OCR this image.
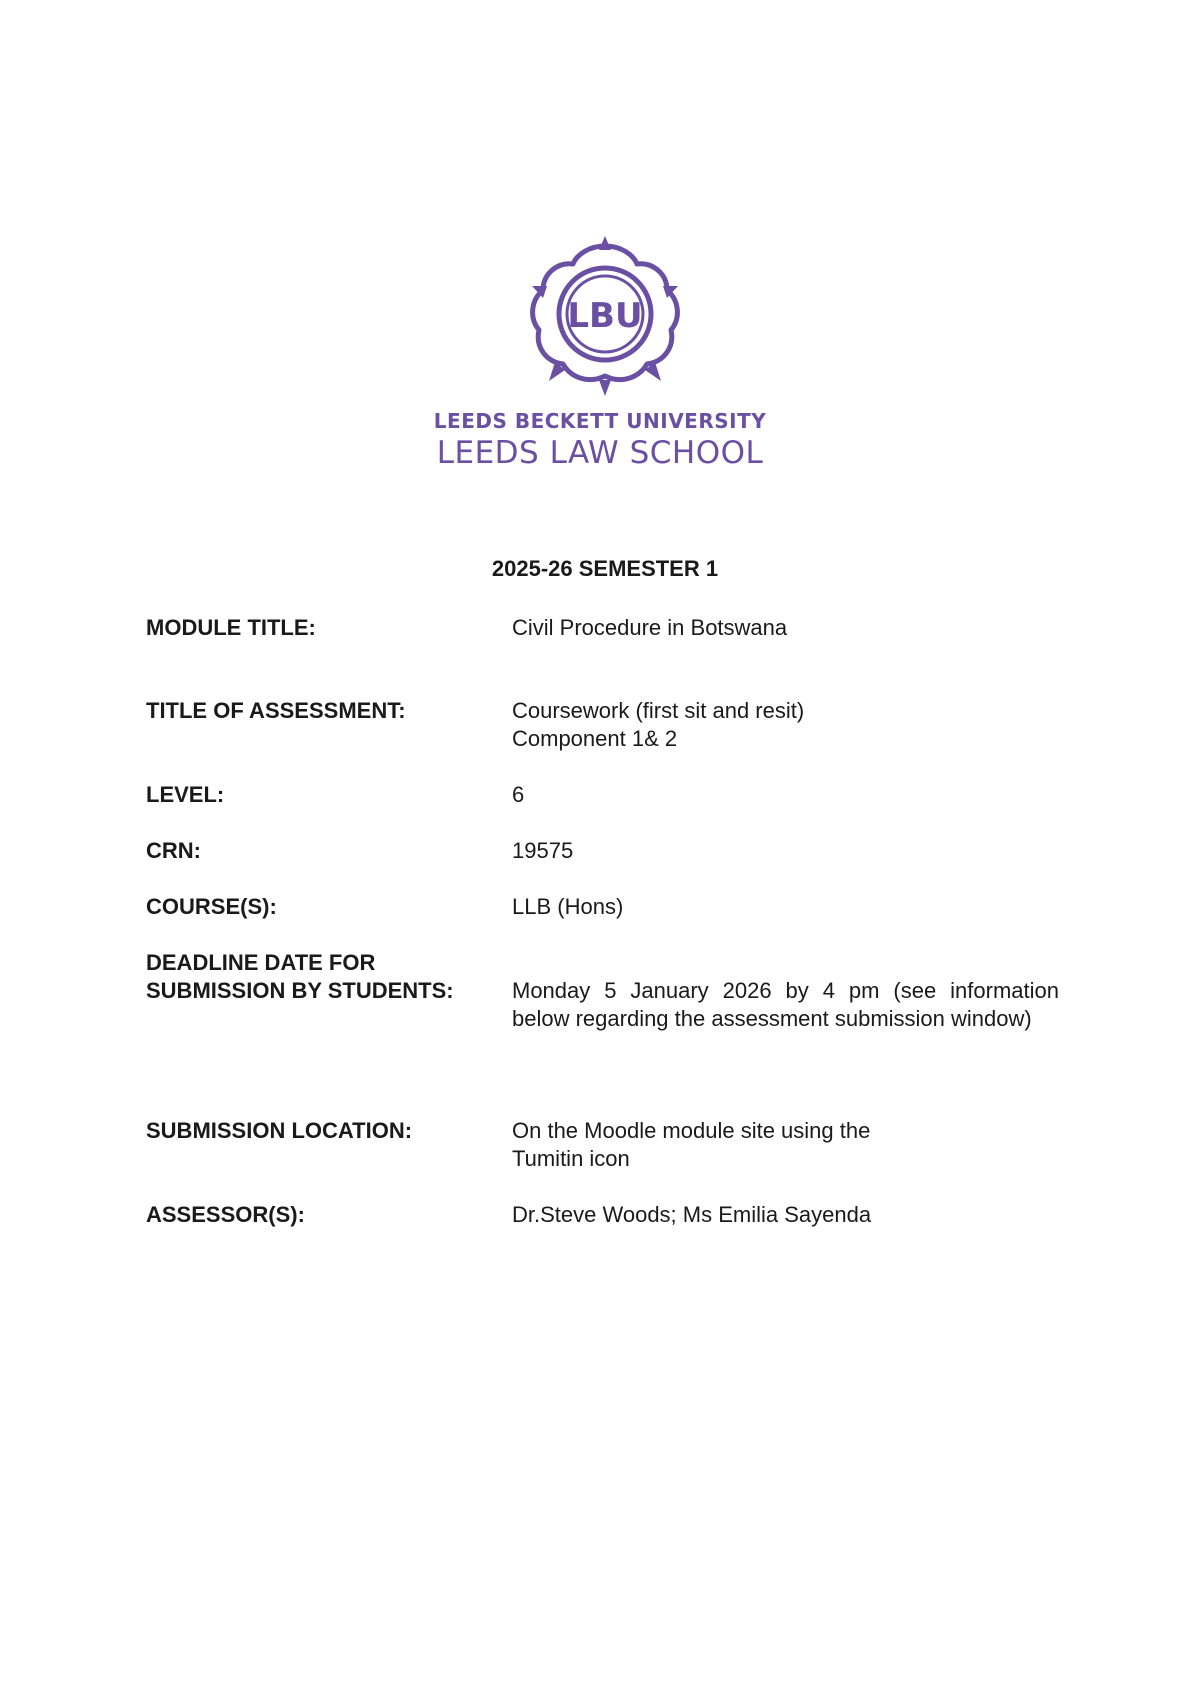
LBU
LEEDS BECKETT UNIVERSITY
LEEDS LAW SCHOOL
2025-26 SEMESTER 1
MODULE TITLE:	Civil Procedure in Botswana
TITLE OF ASSESSMENT:	Coursework (first sit and resit)
Component 1& 2
LEVEL:	6
CRN:	19575
COURSE(S):	LLB (Hons)
DEADLINE DATE FOR
SUBMISSION BY STUDENTS:	Monday 5 January 2026 by 4 pm (see information below regarding the assessment submission window)
SUBMISSION LOCATION:	On the Moodle module site using the
Tumitin icon
ASSESSOR(S):	Dr.Steve Woods; Ms Emilia Sayenda
